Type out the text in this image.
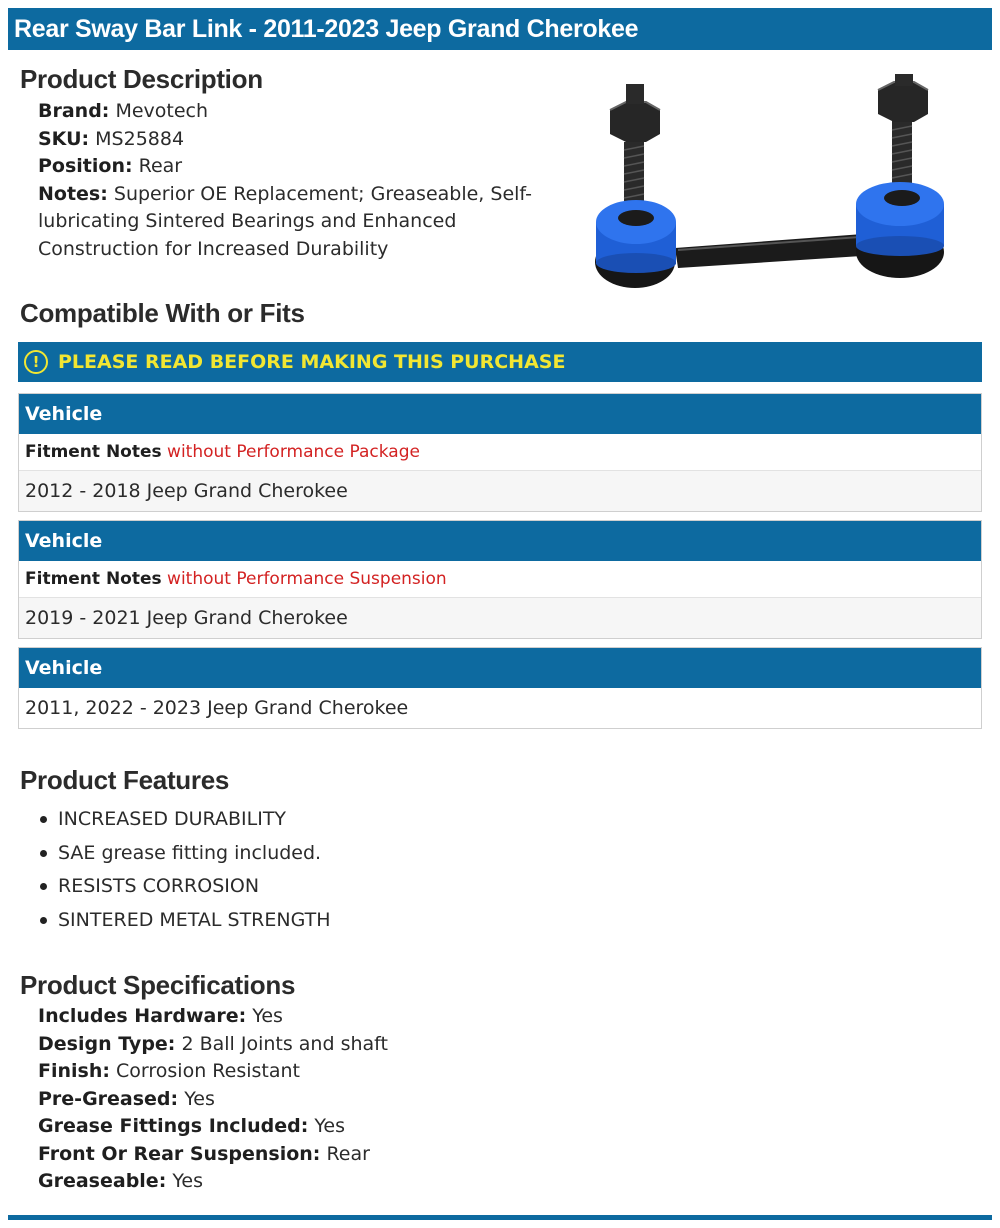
Rear Sway Bar Link - 2011-2023 Jeep Grand Cherokee
Product Description
Brand: Mevotech
SKU: MS25884
Position: Rear
Notes: Superior OE Replacement; Greaseable, Self-lubricating Sintered Bearings and Enhanced Construction for Increased Durability
Compatible With or Fits
! PLEASE READ BEFORE MAKING THIS PURCHASE
Vehicle
Fitment Notes without Performance Package
2012 - 2018 Jeep Grand Cherokee
Vehicle
Fitment Notes without Performance Suspension
2019 - 2021 Jeep Grand Cherokee
Vehicle
2011, 2022 - 2023 Jeep Grand Cherokee
Product Features
INCREASED DURABILITY
SAE grease fitting included.
RESISTS CORROSION
SINTERED METAL STRENGTH
Product Specifications
Includes Hardware: Yes
Design Type: 2 Ball Joints and shaft
Finish: Corrosion Resistant
Pre-Greased: Yes
Grease Fittings Included: Yes
Front Or Rear Suspension: Rear
Greaseable: Yes
